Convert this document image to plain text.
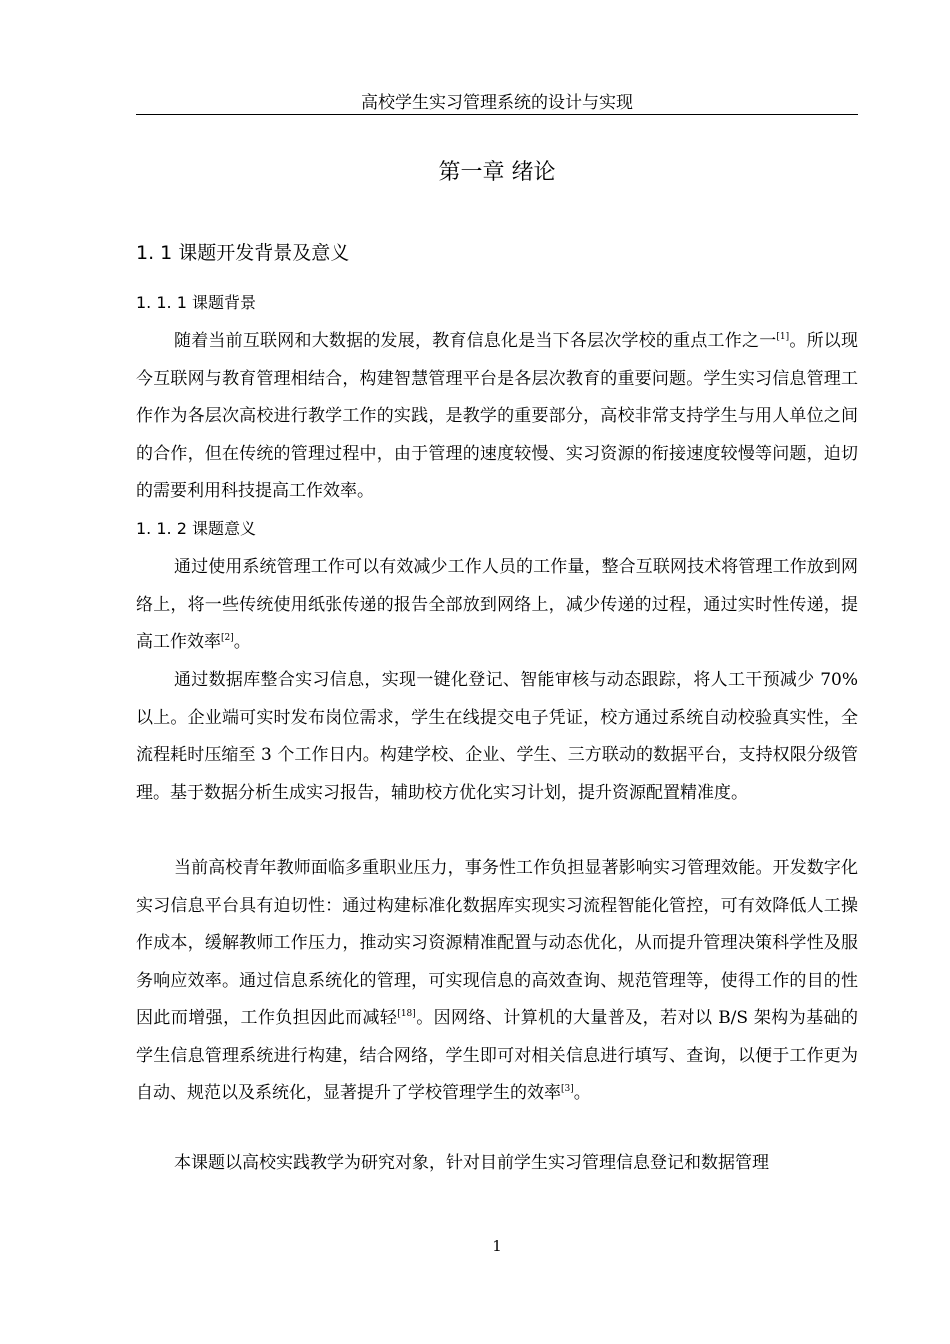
高校学生实习管理系统的设计与实现
第一章 绪论
1. 1 课题开发背景及意义
1. 1. 1 课题背景

随着当前互联网和大数据的发展，教育信息化是当下各层次学校的重点工作之一[1]。所以现今互联网与教育管理相结合，构建智慧管理平台是各层次教育的重要问题。学生实习信息管理工作作为各层次高校进行教学工作的实践，是教学的重要部分，高校非常支持学生与用人单位之间的合作，但在传统的管理过程中，由于管理的速度较慢、实习资源的衔接速度较慢等问题，迫切的需要利用科技提高工作效率。

1. 1. 2 课题意义

通过使用系统管理工作可以有效减少工作人员的工作量，整合互联网技术将管理工作放到网络上，将一些传统使用纸张传递的报告全部放到网络上，减少传递的过程，通过实时性传递，提高工作效率[2]。

通过数据库整合实习信息，实现一键化登记、智能审核与动态跟踪，将人工干预减少 70%以上。企业端可实时发布岗位需求，学生在线提交电子凭证，校方通过系统自动校验真实性，全流程耗时压缩至 3 个工作日内。构建学校、企业、学生、三方联动的数据平台，支持权限分级管理。基于数据分析生成实习报告，辅助校方优化实习计划，提升资源配置精准度。

当前高校青年教师面临多重职业压力，事务性工作负担显著影响实习管理效能。开发数字化实习信息平台具有迫切性：通过构建标准化数据库实现实习流程智能化管控，可有效降低人工操作成本，缓解教师工作压力，推动实习资源精准配置与动态优化，从而提升管理决策科学性及服务响应效率。通过信息系统化的管理，可实现信息的高效查询、规范管理等，使得工作的目的性因此而增强，工作负担因此而减轻[18]。因网络、计算机的大量普及，若对以 B/S 架构为基础的学生信息管理系统进行构建，结合网络，学生即可对相关信息进行填写、查询，以便于工作更为自动、规范以及系统化，显著提升了学校管理学生的效率[3]。

本课题以高校实践教学为研究对象，针对目前学生实习管理信息登记和数据管理

1
